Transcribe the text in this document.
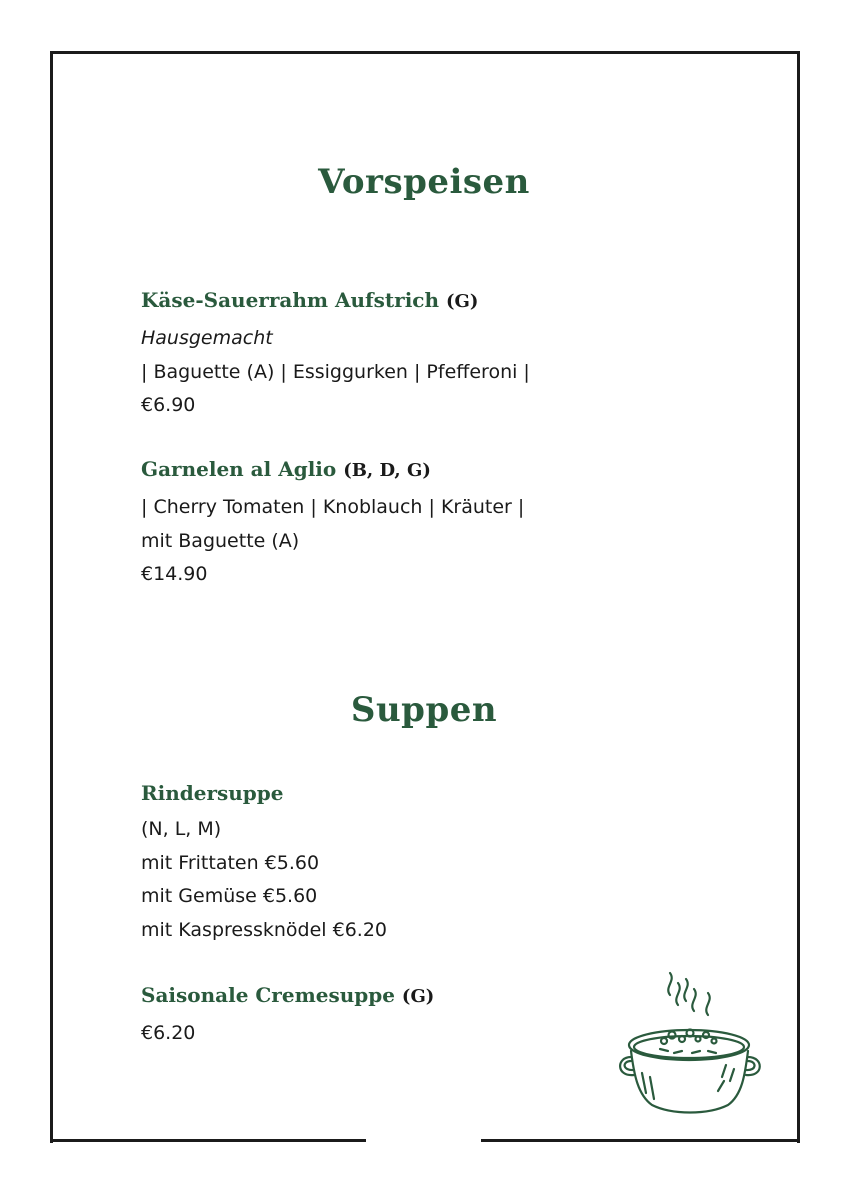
Vorspeisen
Käse-Sauerrahm Aufstrich (G)
Hausgemacht
| Baguette (A) | Essiggurken | Pfefferoni |
€6.90
Garnelen al Aglio (B, D, G)
| Cherry Tomaten | Knoblauch | Kräuter |
mit Baguette (A)
€14.90
Suppen
Rindersuppe
(N, L, M)
mit Frittaten €5.60
mit Gemüse €5.60
mit Kaspressknödel €6.20
Saisonale Cremesuppe (G)
€6.20
